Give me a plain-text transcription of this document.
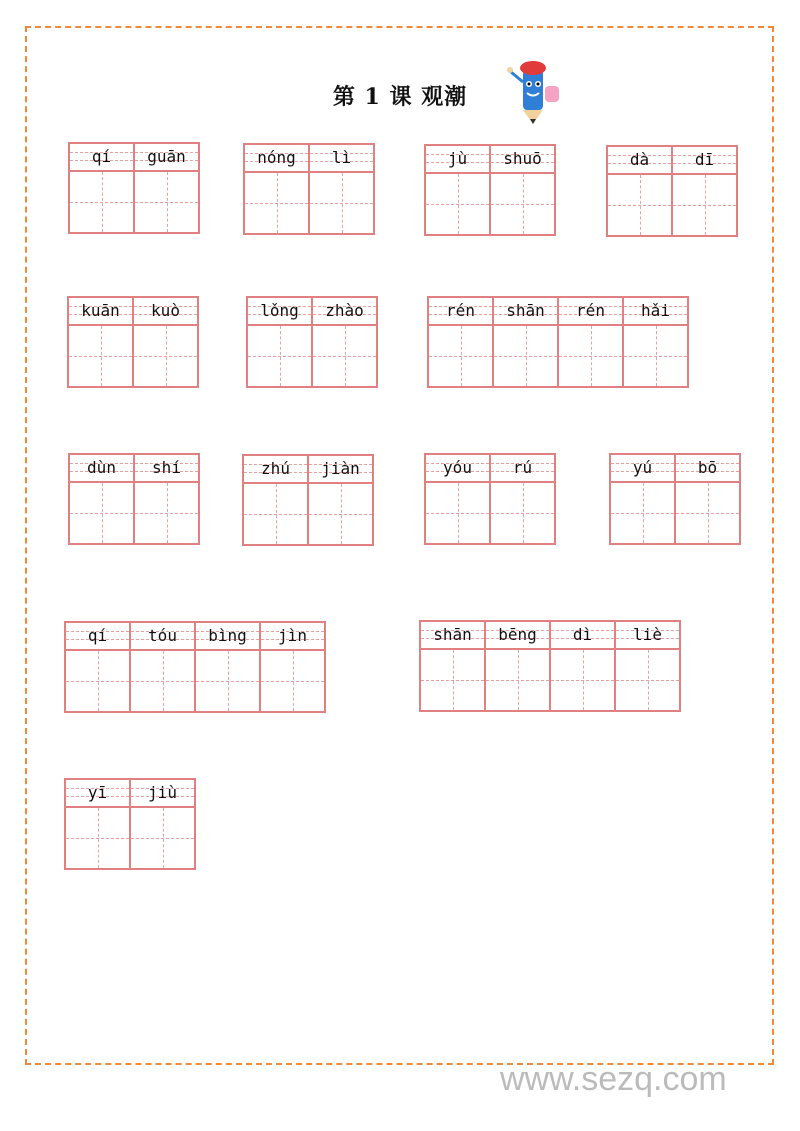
第 1 课 观潮
qí	guān	nóng	lì	jù	shuō	dà	dī
kuān	kuò	lǒng	zhào	rén	shān	rén	hǎi
dùn	shí	zhú	jiàn	yóu	rú	yú	bō
qí	tóu	bìng	jìn	shān	bēng	dì	liè
yī	jiù
www.sezq.com
